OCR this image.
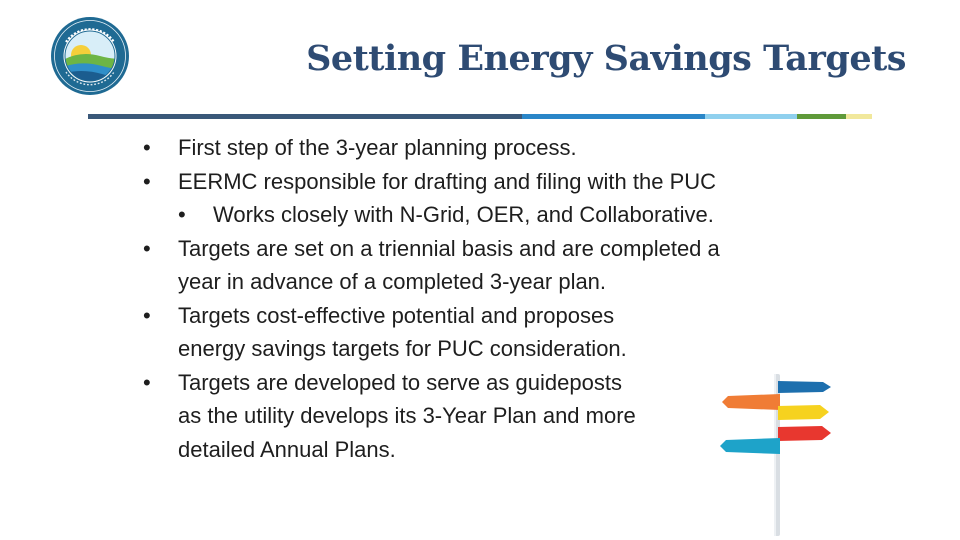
Setting Energy Savings Targets
• First step of the 3-year planning process.
• EERMC responsible for drafting and filing with the PUC
• Works closely with N-Grid, OER, and Collaborative.
• Targets are set on a triennial basis and are completed a
year in advance of a completed 3-year plan.
• Targets cost-effective potential and proposes
energy savings targets for PUC consideration.
• Targets are developed to serve as guideposts
as the utility develops its 3-Year Plan and more
detailed Annual Plans.
